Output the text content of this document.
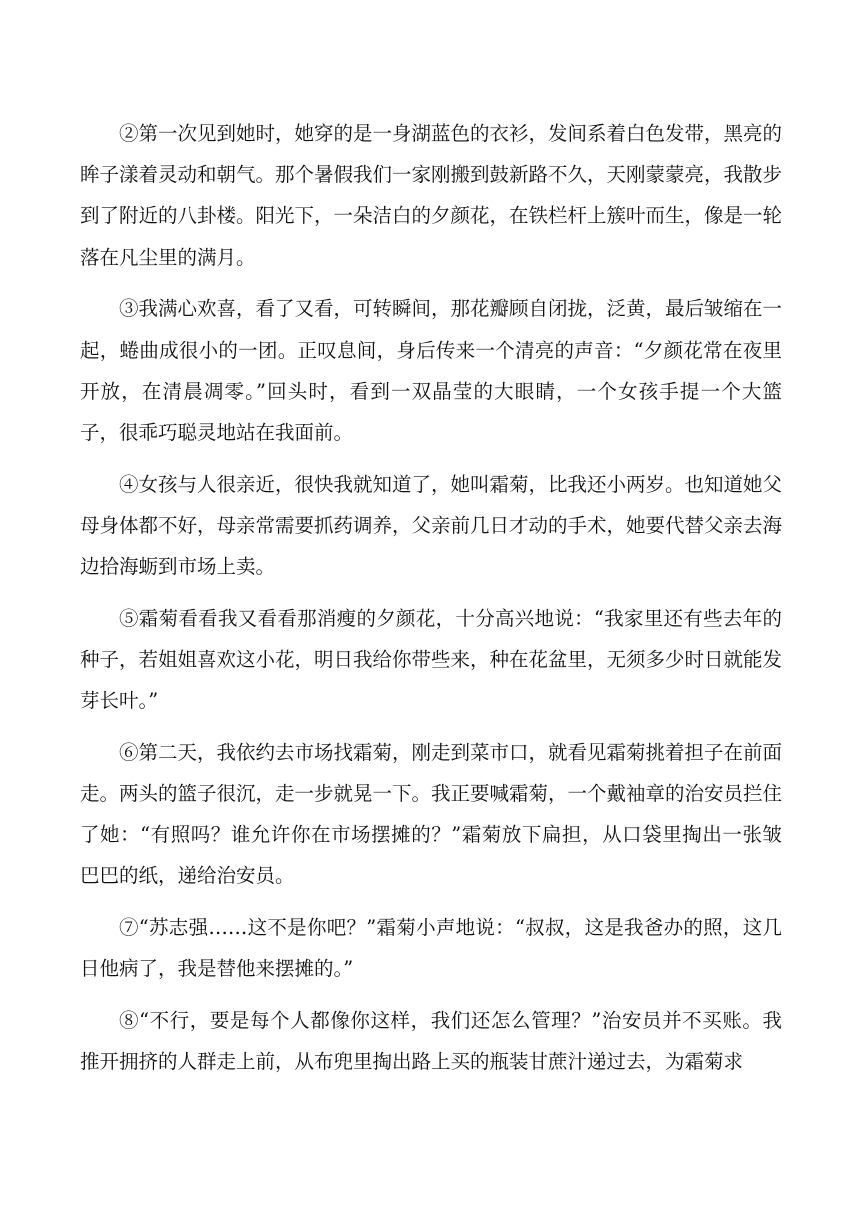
②第一次见到她时，她穿的是一身湖蓝色的衣衫，发间系着白色发带，黑亮的眸子漾着灵动和朝气。那个暑假我们一家刚搬到鼓新路不久，天刚蒙蒙亮，我散步到了附近的八卦楼。阳光下，一朵洁白的夕颜花，在铁栏杆上簇叶而生，像是一轮落在凡尘里的满月。

③我满心欢喜，看了又看，可转瞬间，那花瓣顾自闭拢，泛黄，最后皱缩在一起，蜷曲成很小的一团。正叹息间，身后传来一个清亮的声音：“夕颜花常在夜里开放，在清晨凋零。”回头时，看到一双晶莹的大眼睛，一个女孩手提一个大篮子，很乖巧聪灵地站在我面前。

④女孩与人很亲近，很快我就知道了，她叫霜菊，比我还小两岁。也知道她父母身体都不好，母亲常需要抓药调养，父亲前几日才动的手术，她要代替父亲去海边拾海蛎到市场上卖。

⑤霜菊看看我又看看那消瘦的夕颜花，十分高兴地说：“我家里还有些去年的种子，若姐姐喜欢这小花，明日我给你带些来，种在花盆里，无须多少时日就能发芽长叶。”

⑥第二天，我依约去市场找霜菊，刚走到菜市口，就看见霜菊挑着担子在前面走。两头的篮子很沉，走一步就晃一下。我正要喊霜菊，一个戴袖章的治安员拦住了她：“有照吗？谁允许你在市场摆摊的？”霜菊放下扁担，从口袋里掏出一张皱巴巴的纸，递给治安员。

⑦“苏志强……这不是你吧？”霜菊小声地说：“叔叔，这是我爸办的照，这几日他病了，我是替他来摆摊的。”

⑧“不行，要是每个人都像你这样，我们还怎么管理？”治安员并不买账。我推开拥挤的人群走上前，从布兜里掏出路上买的瓶装甘蔗汁递过去，为霜菊求
